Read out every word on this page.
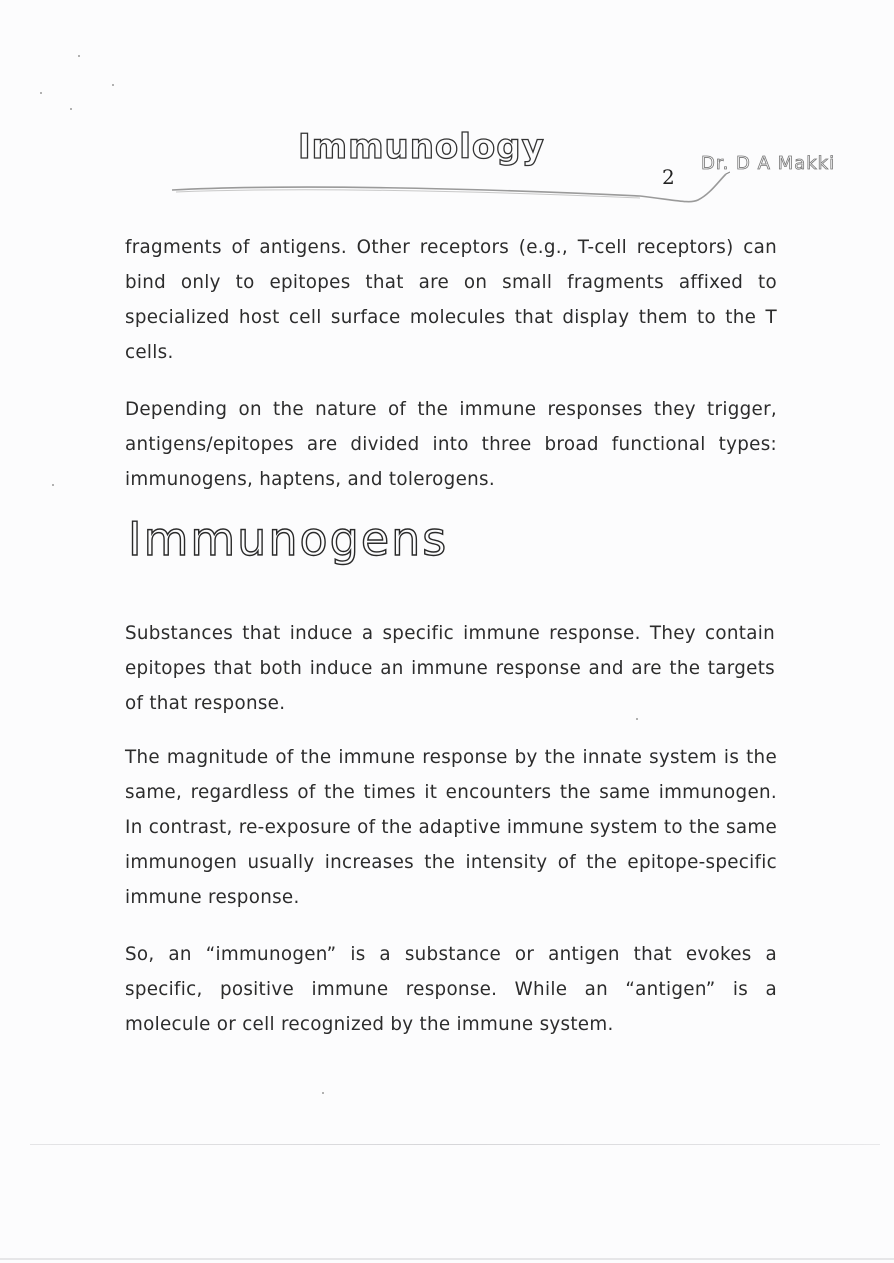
Immunology
2
Dr. D A Makki

fragments of antigens. Other receptors (e.g., T-cell receptors) can bind only to epitopes that are on small fragments affixed to specialized host cell surface molecules that display them to the T cells.

Depending on the nature of the immune responses they trigger, antigens/epitopes are divided into three broad functional types: immunogens, haptens, and tolerogens.

Immunogens

Substances that induce a specific immune response. They contain epitopes that both induce an immune response and are the targets of that response.

The magnitude of the immune response by the innate system is the same, regardless of the times it encounters the same immunogen. In contrast, re-exposure of the adaptive immune system to the same immunogen usually increases the intensity of the epitope-specific immune response.

So, an “immunogen” is a substance or antigen that evokes a specific, positive immune response. While an “antigen” is a molecule or cell recognized by the immune system.
